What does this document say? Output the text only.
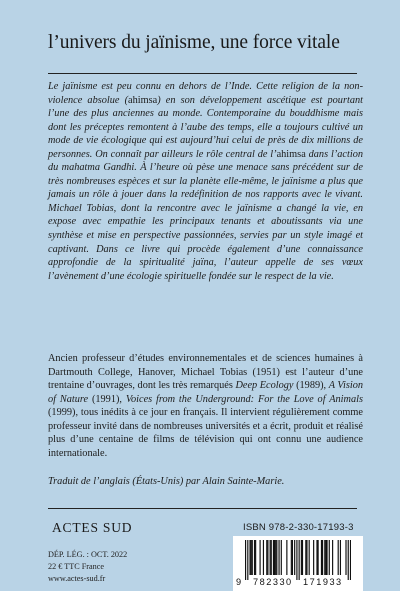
l’univers du jaïnisme, une force vitale

Le jaïnisme est peu connu en dehors de l’Inde. Cette religion de la non-violence absolue (ahimsa) en son développement ascétique est pourtant l’une des plus anciennes au monde. Contemporaine du bouddhisme mais dont les préceptes remontent à l’aube des temps, elle a toujours cultivé un mode de vie écologique qui est aujourd’hui celui de près de dix millions de personnes. On connaît par ailleurs le rôle central de l’ahimsa dans l’action du mahatma Gandhi. À l’heure où pèse une menace sans précédent sur de très nombreuses espèces et sur la planète elle-même, le jaïnisme a plus que jamais un rôle à jouer dans la redéfinition de nos rapports avec le vivant. Michael Tobias, dont la rencontre avec le jaïnisme a changé la vie, en expose avec empathie les principaux tenants et aboutissants via une synthèse et mise en perspective passionnées, servies par un style imagé et captivant. Dans ce livre qui procède également d’une connaissance approfondie de la spiritualité jaïna, l’auteur appelle de ses vœux l’avènement d’une écologie spirituelle fondée sur le respect de la vie.

Ancien professeur d’études environnementales et de sciences humaines à Dartmouth College, Hanover, Michael Tobias (1951) est l’auteur d’une trentaine d’ouvrages, dont les très remarqués Deep Ecology (1989), A Vision of Nature (1991), Voices from the Underground: For the Love of Animals (1999), tous inédits à ce jour en français. Il intervient régulièrement comme professeur invité dans de nombreuses universités et a écrit, produit et réalisé plus d’une centaine de films de télévision qui ont connu une audience internationale.

Traduit de l’anglais (États-Unis) par Alain Sainte-Marie.

ACTES SUD
DÉP. LÉG. : OCT. 2022
22 € TTC France
www.actes-sud.fr
ISBN 978-2-330-17193-3
9 782330 171933
